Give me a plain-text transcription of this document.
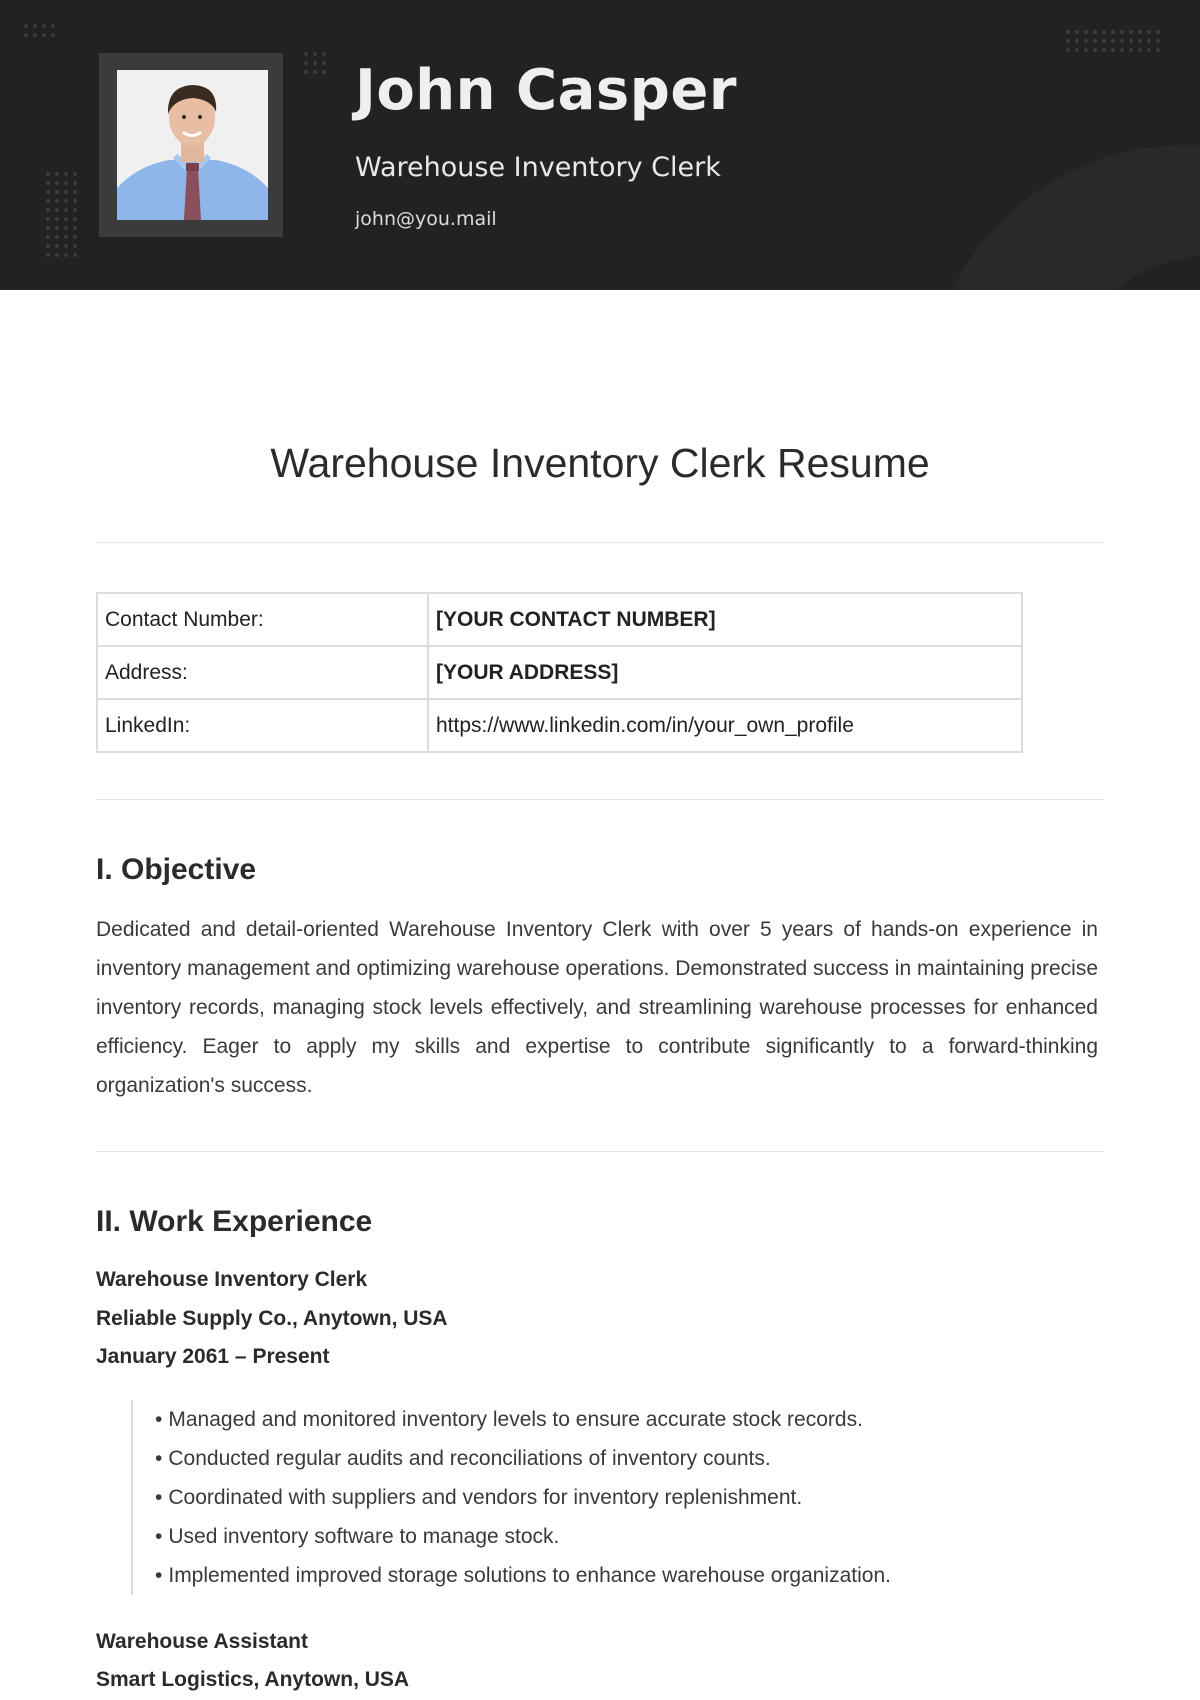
John Casper
Warehouse Inventory Clerk
john@you.mail
Warehouse Inventory Clerk Resume
Contact Number:	[YOUR CONTACT NUMBER]
Address:	[YOUR ADDRESS]
LinkedIn:	https://www.linkedin.com/in/your_own_profile
I. Objective

Dedicated and detail-oriented Warehouse Inventory Clerk with over 5 years of hands-on experience in inventory management and optimizing warehouse operations. Demonstrated success in maintaining precise inventory records, managing stock levels effectively, and streamlining warehouse processes for enhanced efficiency. Eager to apply my skills and expertise to contribute significantly to a forward-thinking organization's success.

II. Work Experience
Warehouse Inventory Clerk
Reliable Supply Co., Anytown, USA
January 2061 – Present
• Managed and monitored inventory levels to ensure accurate stock records.
• Conducted regular audits and reconciliations of inventory counts.
• Coordinated with suppliers and vendors for inventory replenishment.
• Used inventory software to manage stock.
• Implemented improved storage solutions to enhance warehouse organization.
Warehouse Assistant
Smart Logistics, Anytown, USA
